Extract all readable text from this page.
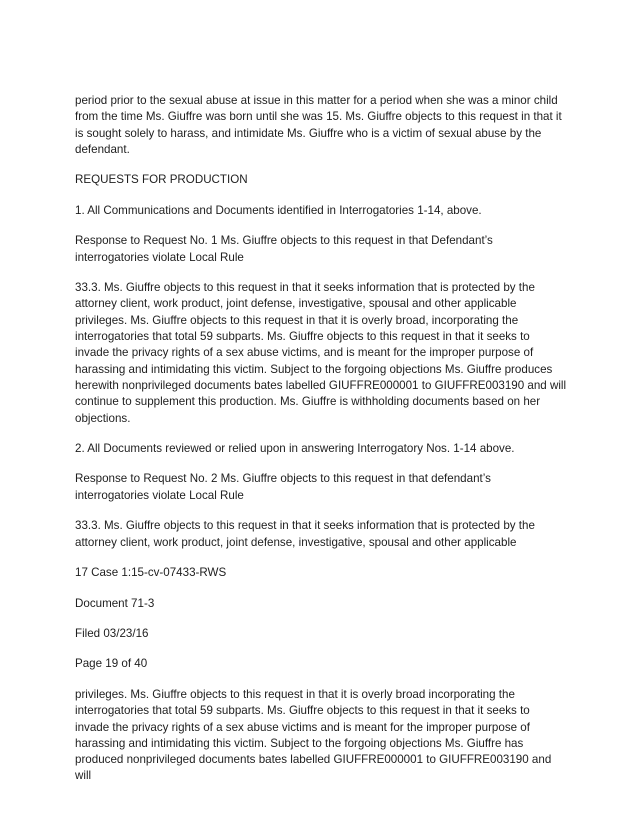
period prior to the sexual abuse at issue in this matter for a period when she was a minor child from the time Ms. Giuffre was born until she was 15. Ms. Giuffre objects to this request in that it is sought solely to harass, and intimidate Ms. Giuffre who is a victim of sexual abuse by the defendant.

REQUESTS FOR PRODUCTION

1. All Communications and Documents identified in Interrogatories 1-14, above.

Response to Request No. 1 Ms. Giuffre objects to this request in that Defendant’s interrogatories violate Local Rule

33.3. Ms. Giuffre objects to this request in that it seeks information that is protected by the attorney client, work product, joint defense, investigative, spousal and other applicable privileges. Ms. Giuffre objects to this request in that it is overly broad, incorporating the interrogatories that total 59 subparts. Ms. Giuffre objects to this request in that it seeks to invade the privacy rights of a sex abuse victims, and is meant for the improper purpose of harassing and intimidating this victim. Subject to the forgoing objections Ms. Giuffre produces herewith nonprivileged documents bates labelled GIUFFRE000001 to GIUFFRE003190 and will continue to supplement this production. Ms. Giuffre is withholding documents based on her objections.

2. All Documents reviewed or relied upon in answering Interrogatory Nos. 1-14 above.

Response to Request No. 2 Ms. Giuffre objects to this request in that defendant’s interrogatories violate Local Rule

33.3. Ms. Giuffre objects to this request in that it seeks information that is protected by the attorney client, work product, joint defense, investigative, spousal and other applicable

17 Case 1:15-cv-07433-RWS

Document 71-3

Filed 03/23/16

Page 19 of 40

privileges. Ms. Giuffre objects to this request in that it is overly broad incorporating the interrogatories that total 59 subparts. Ms. Giuffre objects to this request in that it seeks to invade the privacy rights of a sex abuse victims and is meant for the improper purpose of harassing and intimidating this victim. Subject to the forgoing objections Ms. Giuffre has produced nonprivileged documents bates labelled GIUFFRE000001 to GIUFFRE003190 and will
